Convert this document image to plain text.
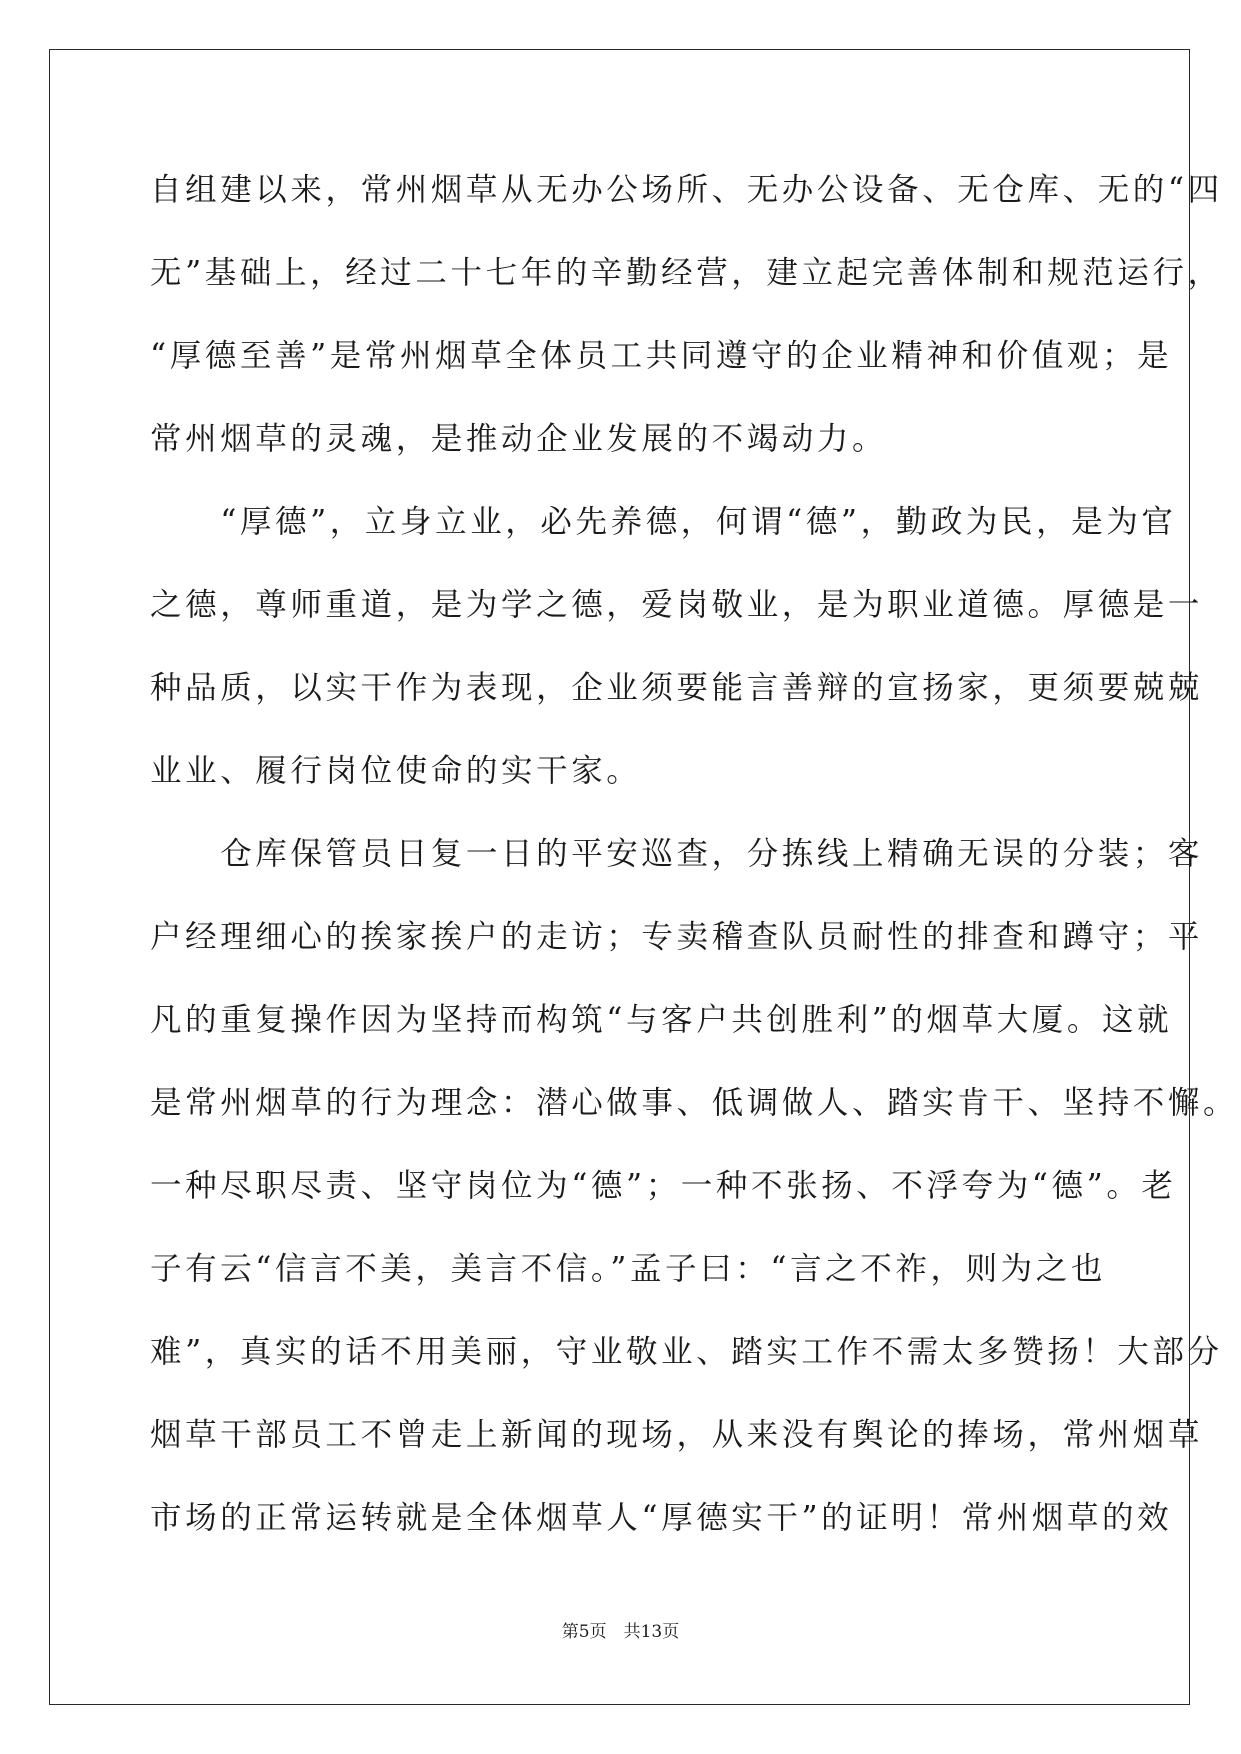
自组建以来，常州烟草从无办公场所、无办公设备、无仓库、无的“四
无”基础上，经过二十七年的辛勤经营，建立起完善体制和规范运行，
“厚德至善”是常州烟草全体员工共同遵守的企业精神和价值观；是
常州烟草的灵魂，是推动企业发展的不竭动力。
　　“厚德”，立身立业，必先养德，何谓“德”，勤政为民，是为官
之德，尊师重道，是为学之德，爱岗敬业，是为职业道德。厚德是一
种品质，以实干作为表现，企业须要能言善辩的宣扬家，更须要兢兢
业业、履行岗位使命的实干家。
　　仓库保管员日复一日的平安巡查，分拣线上精确无误的分装；客
户经理细心的挨家挨户的走访；专卖稽查队员耐性的排查和蹲守；平
凡的重复操作因为坚持而构筑“与客户共创胜利”的烟草大厦。这就
是常州烟草的行为理念：潜心做事、低调做人、踏实肯干、坚持不懈。
一种尽职尽责、坚守岗位为“德”；一种不张扬、不浮夸为“德”。老
子有云“信言不美，美言不信。”孟子曰：“言之不祚，则为之也
难”，真实的话不用美丽，守业敬业、踏实工作不需太多赞扬！大部分
烟草干部员工不曾走上新闻的现场，从来没有舆论的捧场，常州烟草
市场的正常运转就是全体烟草人“厚德实干”的证明！常州烟草的效
第5页　共13页
